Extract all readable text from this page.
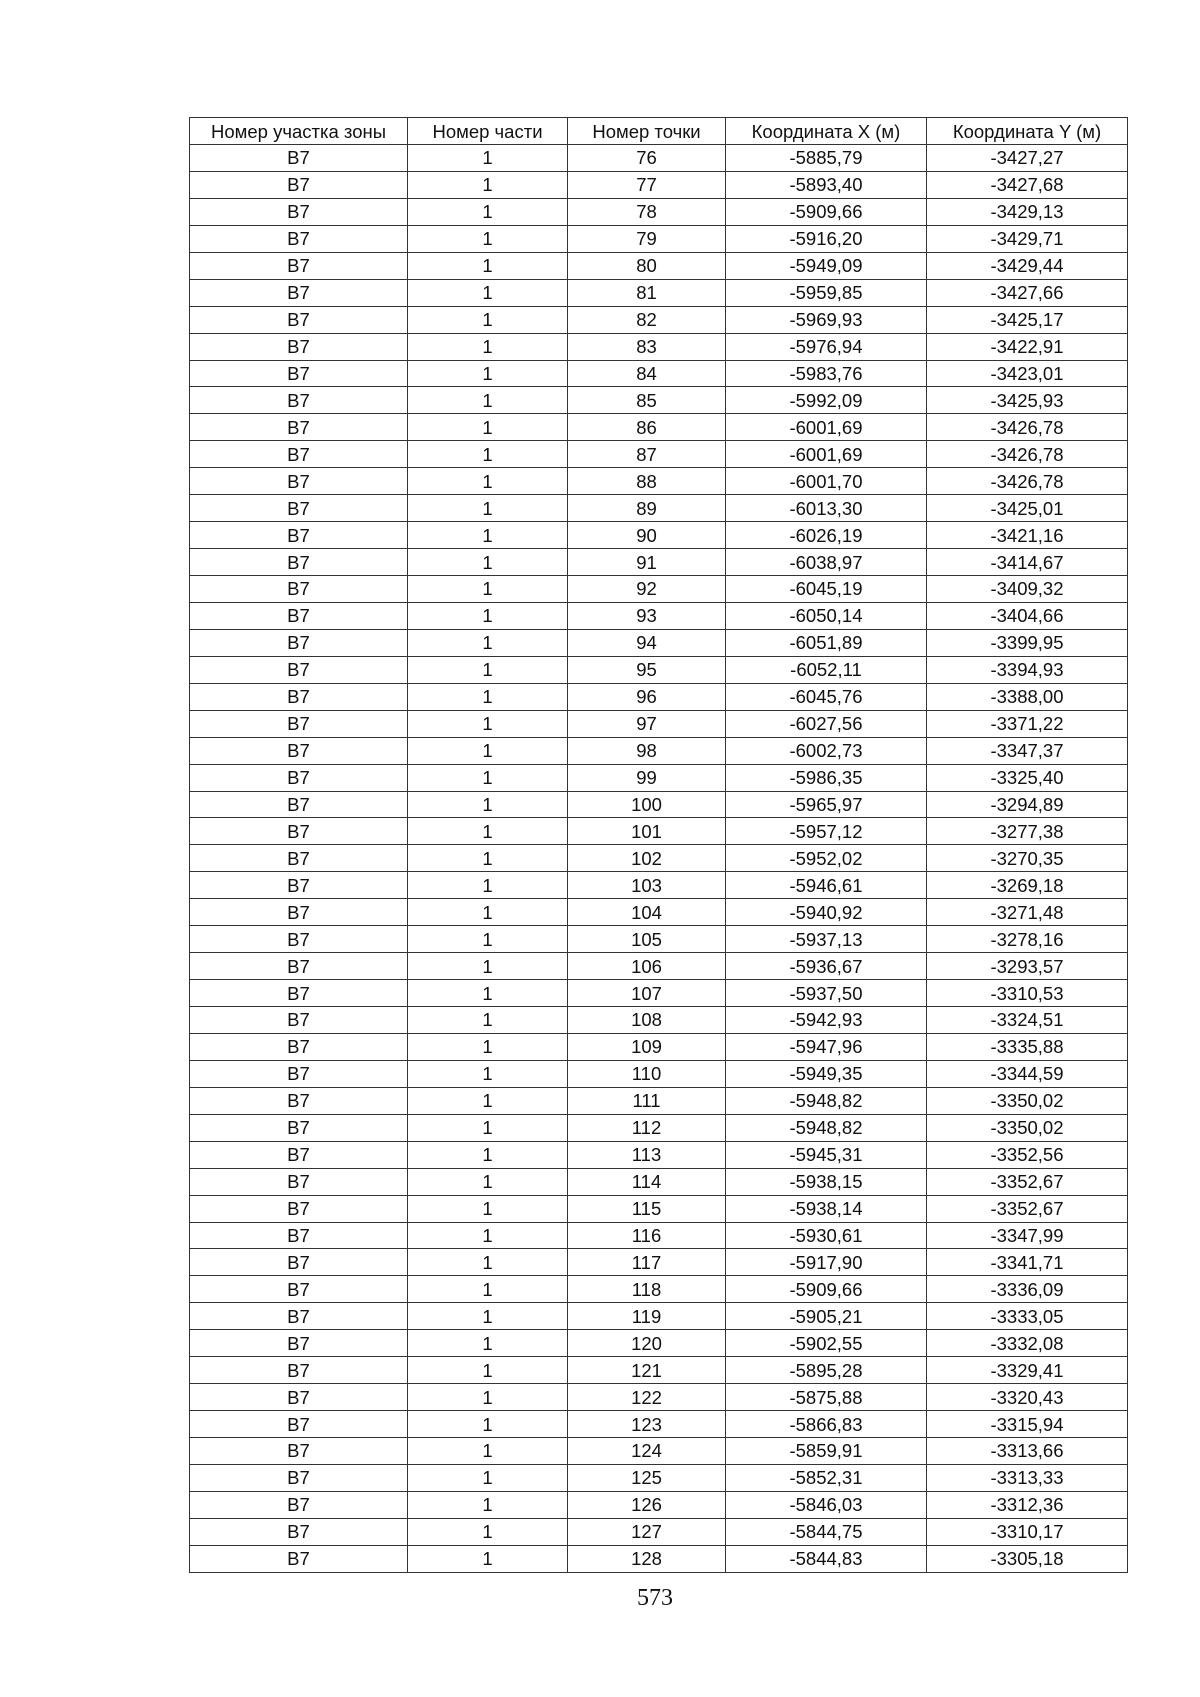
Номер участка зоны	Номер части	Номер точки	Координата X (м)	Координата Y (м)
В7	1	76	-5885,79	-3427,27
В7	1	77	-5893,40	-3427,68
В7	1	78	-5909,66	-3429,13
В7	1	79	-5916,20	-3429,71
В7	1	80	-5949,09	-3429,44
В7	1	81	-5959,85	-3427,66
В7	1	82	-5969,93	-3425,17
В7	1	83	-5976,94	-3422,91
В7	1	84	-5983,76	-3423,01
В7	1	85	-5992,09	-3425,93
В7	1	86	-6001,69	-3426,78
В7	1	87	-6001,69	-3426,78
В7	1	88	-6001,70	-3426,78
В7	1	89	-6013,30	-3425,01
В7	1	90	-6026,19	-3421,16
В7	1	91	-6038,97	-3414,67
В7	1	92	-6045,19	-3409,32
В7	1	93	-6050,14	-3404,66
В7	1	94	-6051,89	-3399,95
В7	1	95	-6052,11	-3394,93
В7	1	96	-6045,76	-3388,00
В7	1	97	-6027,56	-3371,22
В7	1	98	-6002,73	-3347,37
В7	1	99	-5986,35	-3325,40
В7	1	100	-5965,97	-3294,89
В7	1	101	-5957,12	-3277,38
В7	1	102	-5952,02	-3270,35
В7	1	103	-5946,61	-3269,18
В7	1	104	-5940,92	-3271,48
В7	1	105	-5937,13	-3278,16
В7	1	106	-5936,67	-3293,57
В7	1	107	-5937,50	-3310,53
В7	1	108	-5942,93	-3324,51
В7	1	109	-5947,96	-3335,88
В7	1	110	-5949,35	-3344,59
В7	1	111	-5948,82	-3350,02
В7	1	112	-5948,82	-3350,02
В7	1	113	-5945,31	-3352,56
В7	1	114	-5938,15	-3352,67
В7	1	115	-5938,14	-3352,67
В7	1	116	-5930,61	-3347,99
В7	1	117	-5917,90	-3341,71
В7	1	118	-5909,66	-3336,09
В7	1	119	-5905,21	-3333,05
В7	1	120	-5902,55	-3332,08
В7	1	121	-5895,28	-3329,41
В7	1	122	-5875,88	-3320,43
В7	1	123	-5866,83	-3315,94
В7	1	124	-5859,91	-3313,66
В7	1	125	-5852,31	-3313,33
В7	1	126	-5846,03	-3312,36
В7	1	127	-5844,75	-3310,17
В7	1	128	-5844,83	-3305,18
573
